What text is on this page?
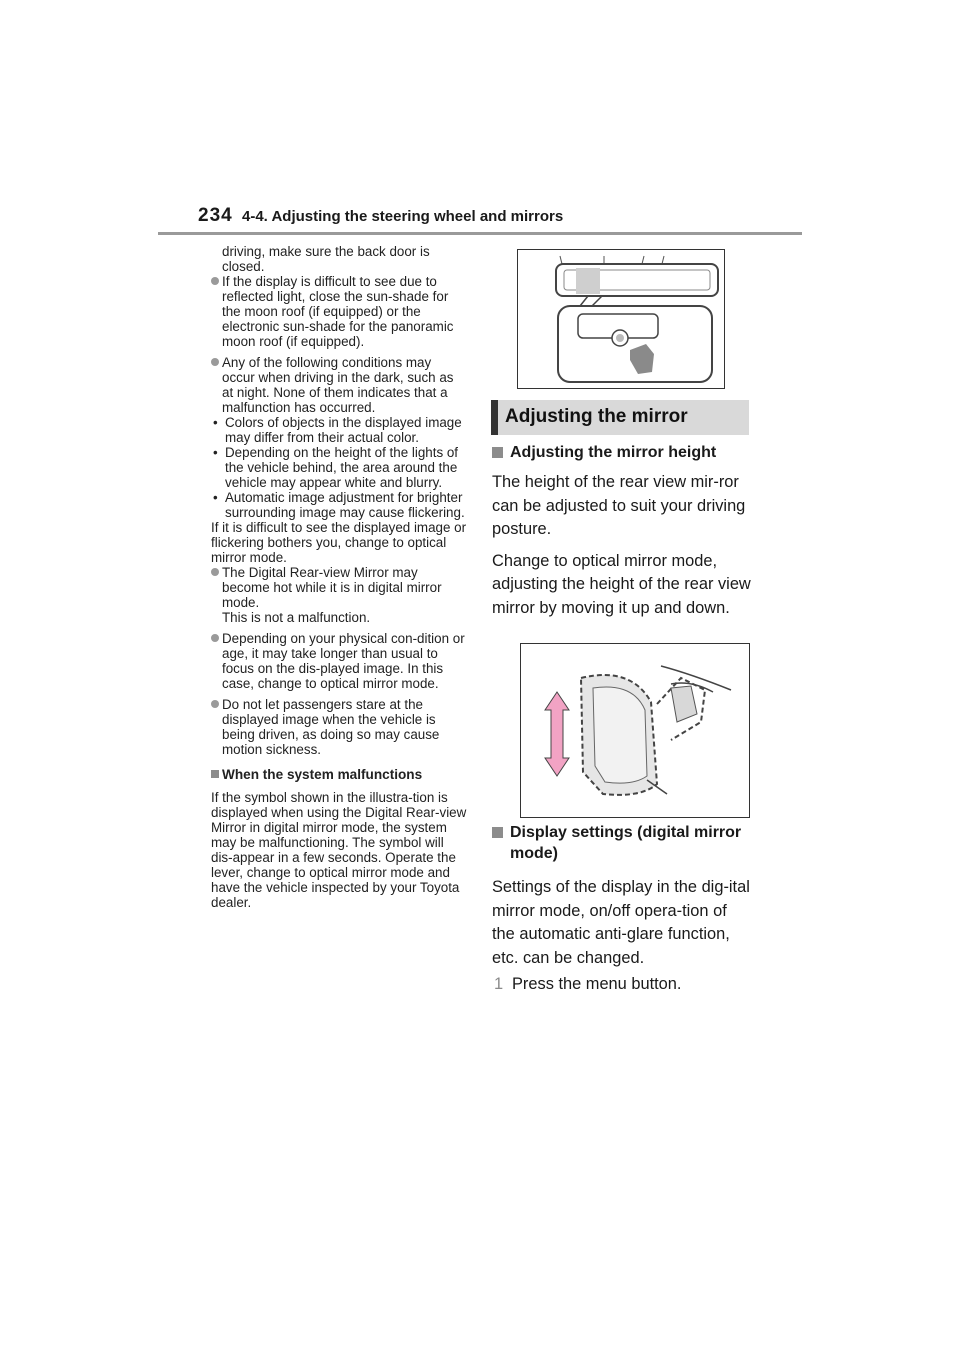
234 4-4. Adjusting the steering wheel and mirrors

driving, make sure the back door is closed.

If the display is difficult to see due to reflected light, close the sun-shade for the moon roof (if equipped) or the electronic sun-shade for the panoramic moon roof (if equipped).

Any of the following conditions may occur when driving in the dark, such as at night. None of them indicates that a malfunction has occurred.

• Colors of objects in the displayed image may differ from their actual color.

• Depending on the height of the lights of the vehicle behind, the area around the vehicle may appear white and blurry.

• Automatic image adjustment for brighter surrounding image may cause flickering.

If it is difficult to see the displayed image or flickering bothers you, change to optical mirror mode.

The Digital Rear-view Mirror may become hot while it is in digital mirror mode.

This is not a malfunction.

Depending on your physical con-dition or age, it may take longer than usual to focus on the dis-played image. In this case, change to optical mirror mode.

Do not let passengers stare at the displayed image when the vehicle is being driven, as doing so may cause motion sickness.

When the system malfunctions

If the symbol shown in the illustra-tion is displayed when using the Digital Rear-view Mirror in digital mirror mode, the system may be malfunctioning. The symbol will dis-appear in a few seconds. Operate the lever, change to optical mirror mode and have the vehicle inspected by your Toyota dealer.

Adjusting the mirror
Adjusting the mirror height

The height of the rear view mir-ror can be adjusted to suit your driving posture.

Change to optical mirror mode, adjusting the height of the rear view mirror by moving it up and down.

Display settings (digital mirror mode)

Settings of the display in the dig-ital mirror mode, on/off opera-tion of the automatic anti-glare function, etc. can be changed.

1 Press the menu button.
